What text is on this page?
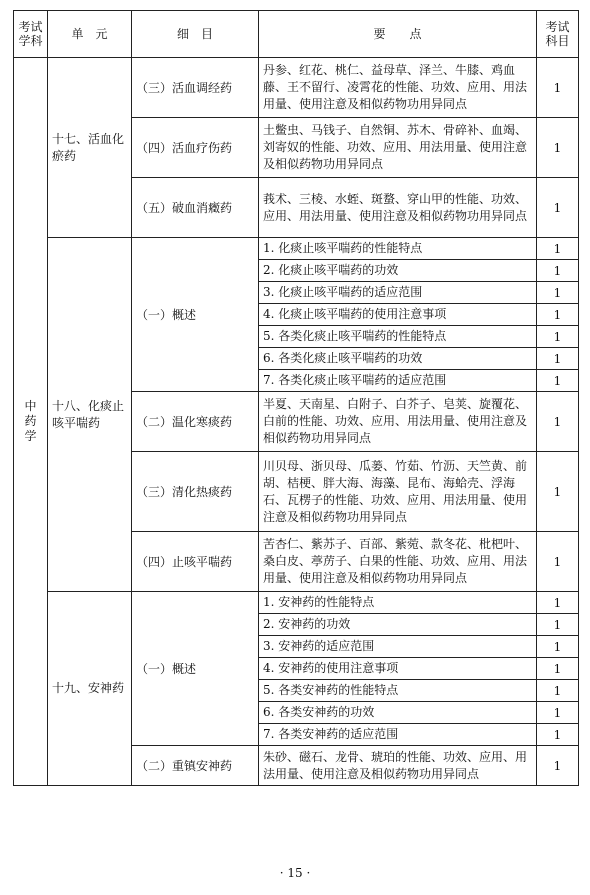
考试学科	单　元	细　目	要　　点	考试科目
中药学	十七、活血化瘀药	（三）活血调经药	丹参、红花、桃仁、益母草、泽兰、牛膝、鸡血藤、王不留行、凌霄花的性能、功效、应用、用法用量、使用注意及相似药物功用异同点	1
		（四）活血疗伤药	土鳖虫、马钱子、自然铜、苏木、骨碎补、血竭、刘寄奴的性能、功效、应用、用法用量、使用注意及相似药物功用异同点	1
		（五）破血消癥药	莪术、三棱、水蛭、斑蝥、穿山甲的性能、功效、应用、用法用量、使用注意及相似药物功用异同点	1
	十八、化痰止咳平喘药	（一）概述	1. 化痰止咳平喘药的性能特点	1
			2. 化痰止咳平喘药的功效	1
			3. 化痰止咳平喘药的适应范围	1
			4. 化痰止咳平喘药的使用注意事项	1
			5. 各类化痰止咳平喘药的性能特点	1
			6. 各类化痰止咳平喘药的功效	1
			7. 各类化痰止咳平喘药的适应范围	1
		（二）温化寒痰药	半夏、天南星、白附子、白芥子、皂荚、旋覆花、白前的性能、功效、应用、用法用量、使用注意及相似药物功用异同点	1
		（三）清化热痰药	川贝母、浙贝母、瓜蒌、竹茹、竹沥、天竺黄、前胡、桔梗、胖大海、海藻、昆布、海蛤壳、浮海石、瓦楞子的性能、功效、应用、用法用量、使用注意及相似药物功用异同点	1
		（四）止咳平喘药	苦杏仁、紫苏子、百部、紫菀、款冬花、枇杷叶、桑白皮、葶苈子、白果的性能、功效、应用、用法用量、使用注意及相似药物功用异同点	1
	十九、安神药	（一）概述	1. 安神药的性能特点	1
			2. 安神药的功效	1
			3. 安神药的适应范围	1
			4. 安神药的使用注意事项	1
			5. 各类安神药的性能特点	1
			6. 各类安神药的功效	1
			7. 各类安神药的适应范围	1
		（二）重镇安神药	朱砂、磁石、龙骨、琥珀的性能、功效、应用、用法用量、使用注意及相似药物功用异同点	1
· 15 ·
